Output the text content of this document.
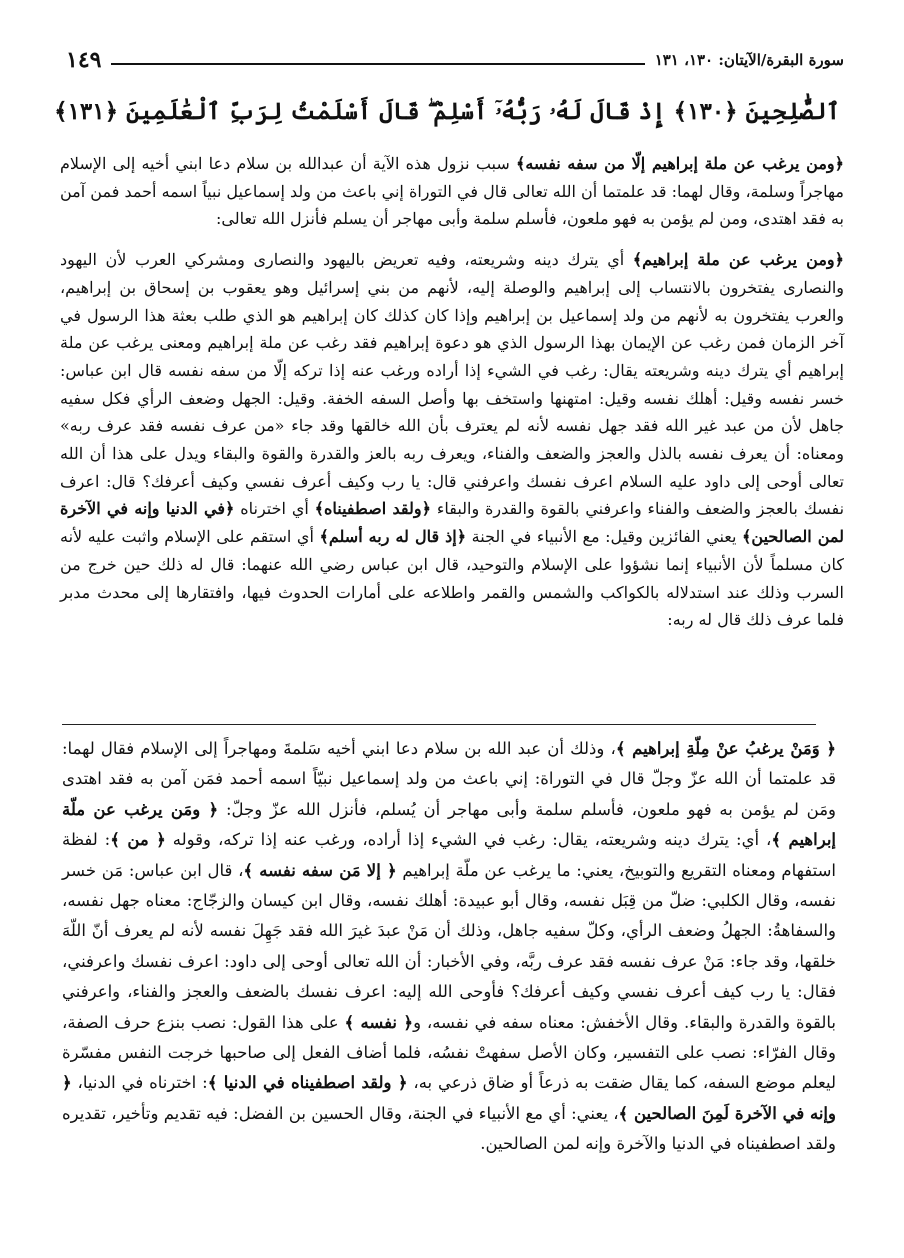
سورة البقرة/الآيتان: ١٣٠، ١٣١
١٤٩
ٱلصَّٰلِحِينَ ﴿١٣٠﴾ إِذْ قَالَ لَهُۥ رَبُّهُۥٓ أَسْلِمْ ۖ قَالَ أَسْلَمْتُ لِرَبِّ ٱلْعَٰلَمِينَ ﴿١٣١﴾

﴿ومن يرغب عن ملة إبراهيم إلّا من سفه نفسه﴾ سبب نزول هذه الآية أن عبدالله بن سلام دعا ابني أخيه إلى الإسلام مهاجراً وسلمة، وقال لهما: قد علمتما أن الله تعالى قال في التوراة إني باعث من ولد إسماعيل نبياً اسمه أحمد فمن آمن به فقد اهتدى، ومن لم يؤمن به فهو ملعون، فأسلم سلمة وأبى مهاجر أن يسلم فأنزل الله تعالى:

﴿ومن يرغب عن ملة إبراهيم﴾ أي يترك دينه وشريعته، وفيه تعريض باليهود والنصارى ومشركي العرب لأن اليهود والنصارى يفتخرون بالانتساب إلى إبراهيم والوصلة إليه، لأنهم من بني إسرائيل وهو يعقوب بن إسحاق بن إبراهيم، والعرب يفتخرون به لأنهم من ولد إسماعيل بن إبراهيم وإذا كان كذلك كان إبراهيم هو الذي طلب بعثة هذا الرسول في آخر الزمان فمن رغب عن الإيمان بهذا الرسول الذي هو دعوة إبراهيم فقد رغب عن ملة إبراهيم ومعنى يرغب عن ملة إبراهيم أي يترك دينه وشريعته يقال: رغب في الشيء إذا أراده ورغب عنه إذا تركه إلّا من سفه نفسه قال ابن عباس: خسر نفسه وقيل: أهلك نفسه وقيل: امتهنها واستخف بها وأصل السفه الخفة. وقيل: الجهل وضعف الرأي فكل سفيه جاهل لأن من عبد غير الله فقد جهل نفسه لأنه لم يعترف بأن الله خالقها وقد جاء «من عرف نفسه فقد عرف ربه» ومعناه: أن يعرف نفسه بالذل والعجز والضعف والفناء، ويعرف ربه بالعز والقدرة والقوة والبقاء ويدل على هذا أن الله تعالى أوحى إلى داود عليه السلام اعرف نفسك واعرفني قال: يا رب وكيف أعرف نفسي وكيف أعرفك؟ قال: اعرف نفسك بالعجز والضعف والفناء واعرفني بالقوة والقدرة والبقاء ﴿ولقد اصطفيناه﴾ أي اخترناه ﴿في الدنيا وإنه في الآخرة لمن الصالحين﴾ يعني الفائزين وقيل: مع الأنبياء في الجنة ﴿إذ قال له ربه أسلم﴾ أي استقم على الإسلام واثبت عليه لأنه كان مسلماً لأن الأنبياء إنما نشؤوا على الإسلام والتوحيد، قال ابن عباس رضي الله عنهما: قال له ذلك حين خرج من السرب وذلك عند استدلاله بالكواكب والشمس والقمر واطلاعه على أمارات الحدوث فيها، وافتقارها إلى محدث مدبر فلما عرف ذلك قال له ربه:

﴿ وَمَنْ يرغبُ عنْ مِلّةِ إبراهيم ﴾، وذلك أن عبد الله بن سلام دعا ابني أخيه سَلمةَ ومهاجراً إلى الإسلام فقال لهما: قد علمتما أن الله عزّ وجلّ قال في التوراة: إني باعث من ولد إسماعيل نبيّاً اسمه أحمد فمَن آمن به فقد اهتدى ومَن لم يؤمن به فهو ملعون، فأسلم سلمة وأبى مهاجر أن يُسلم، فأنزل الله عزّ وجلّ: ﴿ ومَن يرغب عن ملّة إبراهيم ﴾، أي: يترك دينه وشريعته، يقال: رغب في الشيء إذا أراده، ورغب عنه إذا تركه، وقوله ﴿ من ﴾: لفظة استفهام ومعناه التقريع والتوبيخ، يعني: ما يرغب عن ملّة إبراهيم ﴿ إلا مَن سفه نفسه ﴾، قال ابن عباس: مَن خسر نفسه، وقال الكلبي: ضلّ من قِبَل نفسه، وقال أبو عبيدة: أهلك نفسه، وقال ابن كيسان والزجّاج: معناه جهل نفسه، والسفاهةُ: الجهلُ وضعف الرأي، وكلّ سفيه جاهل، وذلك أن مَنْ عبدَ غيرَ الله فقد جَهِلَ نفسه لأنه لم يعرف أنّ اللّهَ خلقها، وقد جاء: مَنْ عرف نفسه فقد عرف ربَّه، وفي الأخبار: أن الله تعالى أوحى إلى داود: اعرف نفسك واعرفني، فقال: يا رب كيف أعرف نفسي وكيف أعرفك؟ فأوحى الله إليه: اعرف نفسك بالضعف والعجز والفناء، واعرفني بالقوة والقدرة والبقاء. وقال الأخفش: معناه سفه في نفسه، و﴿ نفسه ﴾ على هذا القول: نصب بنزع حرف الصفة، وقال الفرّاء: نصب على التفسير، وكان الأصل سفهتْ نفسُه، فلما أضاف الفعل إلى صاحبها خرجت النفس مفسّرة ليعلم موضع السفه، كما يقال ضقت به ذرعاً أو ضاق ذرعي به، ﴿ ولقد اصطفيناه في الدنيا ﴾: اخترناه في الدنيا، ﴿ وإنه في الآخرة لَمِنَ الصالحين ﴾، يعني: أي مع الأنبياء في الجنة، وقال الحسين بن الفضل: فيه تقديم وتأخير، تقديره ولقد اصطفيناه في الدنيا والآخرة وإنه لمن الصالحين.
